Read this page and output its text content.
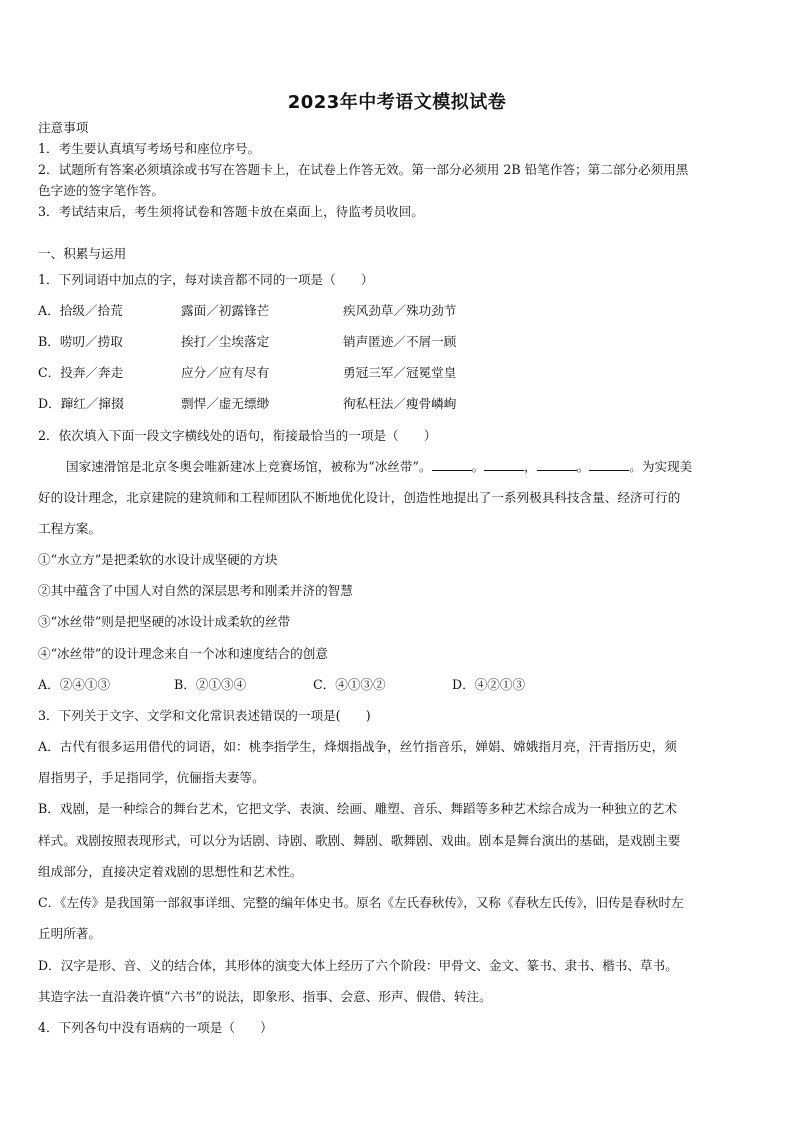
2023年中考语文模拟试卷
注意事项
1．考生要认真填写考场号和座位序号。
2．试题所有答案必须填涂或书写在答题卡上，在试卷上作答无效。第一部分必须用 2B 铅笔作答；第二部分必须用黑
色字迹的签字笔作答。
3．考试结束后，考生须将试卷和答题卡放在桌面上，待监考员收回。
一、积累与运用
1．下列词语中加点的字，每对读音都不同的一项是（　　）
A．拾级／拾荒	露面／初露锋芒	疾风劲草／殊功劲节
B．唠叨／捞取	挨打／尘埃落定	销声匿迹／不屑一顾
C．投奔／奔走	应分／应有尽有	勇冠三军／冠冕堂皇
D．蹿红／撺掇	剽悍／虚无缥缈	徇私枉法／瘦骨嶙峋
2．依次填入下面一段文字横线处的语句，衔接最恰当的一项是（　　）
国家速滑馆是北京冬奥会唯新建冰上竞赛场馆，被称为“冰丝带”。	。	，	。	。为实现美
好的设计理念，北京建院的建筑师和工程师团队不断地优化设计，创造性地提出了一系列极具科技含量、经济可行的
工程方案。
①“水立方”是把柔软的水设计成坚硬的方块
②其中蕴含了中国人对自然的深层思考和刚柔并济的智慧
③“冰丝带”则是把坚硬的冰设计成柔软的丝带
④“冰丝带”的设计理念来自一个冰和速度结合的创意
A．②④①③	B．②①③④	C．④①③②	D．④②①③
3．下列关于文字、文学和文化常识表述错误的一项是(　　)
A．古代有很多运用借代的词语，如：桃李指学生，烽烟指战争，丝竹指音乐，婵娟、嫦娥指月亮，汗青指历史，须
眉指男子，手足指同学，伉俪指夫妻等。
B．戏剧，是一种综合的舞台艺术，它把文学、表演、绘画、雕塑、音乐、舞蹈等多种艺术综合成为一种独立的艺术
样式。戏剧按照表现形式，可以分为话剧、诗剧、歌剧、舞剧、歌舞剧、戏曲。剧本是舞台演出的基础，是戏剧主要
组成部分，直接决定着戏剧的思想性和艺术性。
C．《左传》是我国第一部叙事详细、完整的编年体史书。原名《左氏春秋传》，又称《春秋左氏传》，旧传是春秋时左
丘明所著。
D．汉字是形、音、义的结合体，其形体的演变大体上经历了六个阶段：甲骨文、金文、篆书、隶书、楷书、草书。
其造字法一直沿袭许慎“六书”的说法，即象形、指事、会意、形声、假借、转注。
4．下列各句中没有语病的一项是（　　）
